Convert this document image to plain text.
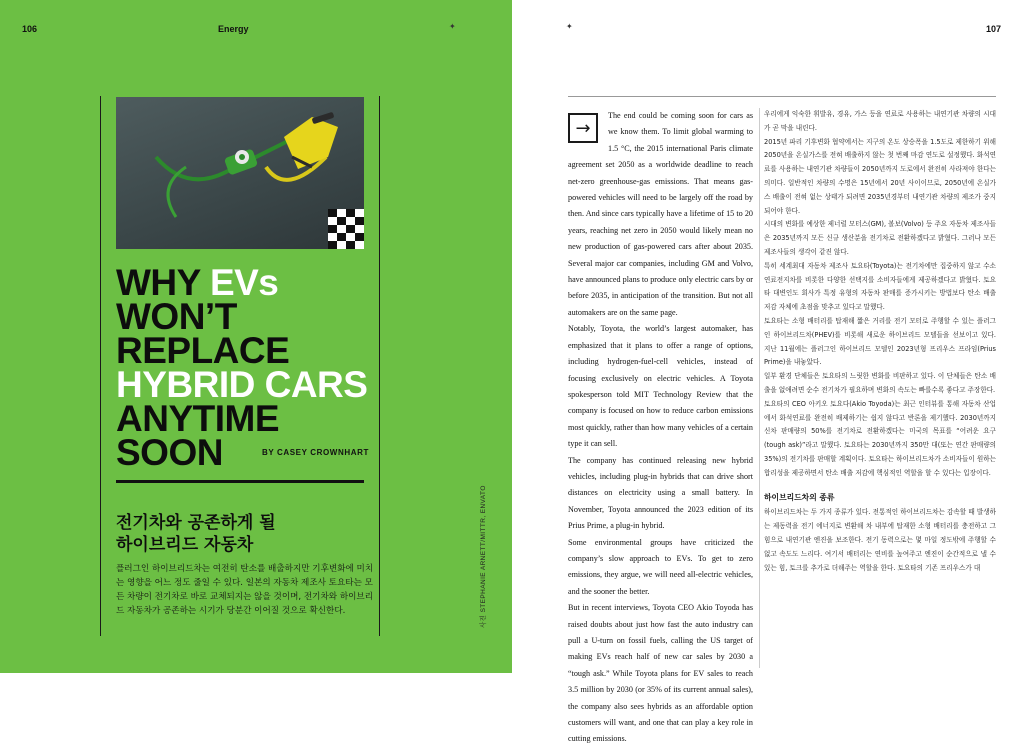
106	Energy	✦
WHY EVs
WON’T
REPLACE
HYBRID CARS
ANYTIME
SOON	BY CASEY CROWNHART
전기차와 공존하게 될
하이브리드 자동차
플러그인 하이브리드차는 여전히 탄소를 배출하지만 기후변화에 미치는 영향을 어느 정도 줄일 수 있다. 일본의 자동차 제조사 토요타는 모든 차량이 전기차로 바로 교체되지는 않을 것이며, 전기차와 하이브리드 자동차가 공존하는 시기가 당분간 이어질 것으로 확신한다.	사진 STEPHANIE ARNETT/MITTR, ENVATO
✦	107
→

The end could be coming soon for cars as we know them. To limit global warming to 1.5 °C, the 2015 international Paris climate agreement set 2050 as a worldwide deadline to reach net-zero greenhouse-gas emissions. That means gas-powered vehicles will need to be largely off the road by then. And since cars typically have a lifetime of 15 to 20 years, reaching net zero in 2050 would likely mean no new production of gas-powered cars after about 2035. Several major car companies, including GM and Volvo, have announced plans to produce only electric cars by or before 2035, in anticipation of the transition. But not all automakers are on the same page.

Notably, Toyota, the world’s largest automaker, has emphasized that it plans to offer a range of options, including hydrogen-fuel-cell vehicles, instead of focusing exclusively on electric vehicles. A Toyota spokesperson told MIT Technology Review that the company is focused on how to reduce carbon emissions most quickly, rather than how many vehicles of a certain type it can sell.

The company has continued releasing new hybrid vehicles, including plug-in hybrids that can drive short distances on electricity using a small battery. In November, Toyota announced the 2023 edition of its Prius Prime, a plug-in hybrid.

Some environmental groups have criticized the company’s slow approach to EVs. To get to zero emissions, they argue, we will need all-electric vehicles, and the sooner the better.

But in recent interviews, Toyota CEO Akio Toyoda has raised doubts about just how fast the auto industry can pull a U-turn on fossil fuels, calling the US target of making EVs reach half of new car sales by 2030 a “tough ask.” While Toyota plans for EV sales to reach 3.5 million by 2030 (or 35% of its current annual sales), the company also sees hybrids as an affordable option customers will want, and one that can play a key role in cutting emissions.

우리에게 익숙한 휘발유, 경유, 가스 등을 연료로 사용하는 내연기관 차량의 시대가 곧 막을 내린다.

2015년 파리 기후변화 협약에서는 지구의 온도 상승폭을 1.5도로 제한하기 위해 2050년을 온실가스를 전혀 배출하지 않는 첫 번째 마감 연도로 설정했다. 화석연료를 사용하는 내연기관 차량들이 2050년까지 도로에서 완전히 사라져야 한다는 의미다. 일반적인 차량의 수명은 15년에서 20년 사이이므로, 2050년에 온실가스 배출이 전혀 없는 상태가 되려면 2035년경부터 내연기관 차량의 제조가 중지되어야 한다.

시대의 변화를 예상한 제너럴 모터스(GM), 볼보(Volvo) 등 주요 자동차 제조사들은 2035년까지 모든 신규 생산분을 전기차로 전환하겠다고 밝혔다. 그러나 모든 제조사들의 생각이 같진 않다.

특히 세계최대 자동차 제조사 토요타(Toyota)는 전기차에만 집중하지 않고 수소연료전지차를 비롯한 다양한 선택지를 소비자들에게 제공하겠다고 밝혔다. 토요타 대변인도 회사가 특정 유형의 자동차 판매를 증가시키는 방법보다 탄소 배출 저감 자체에 초점을 맞추고 있다고 말했다.

토요타는 소형 배터리를 탑재해 짧은 거리를 전기 모터로 주행할 수 있는 플러그인 하이브리드차(PHEV)를 비롯해 새로운 하이브리드 모델들을 선보이고 있다. 지난 11월에는 플러그인 하이브리드 모델인 2023년형 프리우스 프라임(Prius Prime)을 내놓았다.

일부 환경 단체들은 토요타의 느릿한 변화를 비판하고 있다. 이 단체들은 탄소 배출을 없애려면 순수 전기차가 필요하며 변화의 속도는 빠를수록 좋다고 주장한다.

토요타의 CEO 아키오 토요다(Akio Toyoda)는 최근 인터뷰를 통해 자동차 산업에서 화석연료를 완전히 배제하기는 쉽지 않다고 반론을 제기했다. 2030년까지 신차 판매량의 50%를 전기차로 전환하겠다는 미국의 목표를 “어려운 요구(tough ask)”라고 말했다. 토요타는 2030년까지 350만 대(또는 연간 판매량의 35%)의 전기차를 판매할 계획이다. 토요타는 하이브리드차가 소비자들이 원하는 합리성을 제공하면서 탄소 배출 저감에 핵심적인 역할을 할 수 있다는 입장이다.

하이브리드차의 종류

하이브리드차는 두 가지 종류가 있다. 전통적인 하이브리드차는 감속할 때 발생하는 제동력을 전기 에너지로 변환해 차 내부에 탑재한 소형 배터리를 충전하고 그 힘으로 내연기관 엔진을 보조한다. 전기 동력으로는 몇 마일 정도밖에 주행할 수 없고 속도도 느리다. 여기서 배터리는 연비를 높여주고 엔진이 순간적으로 낼 수 있는 힘, 토크를 추가로 더해주는 역할을 한다. 토요타의 기존 프리우스가 대
